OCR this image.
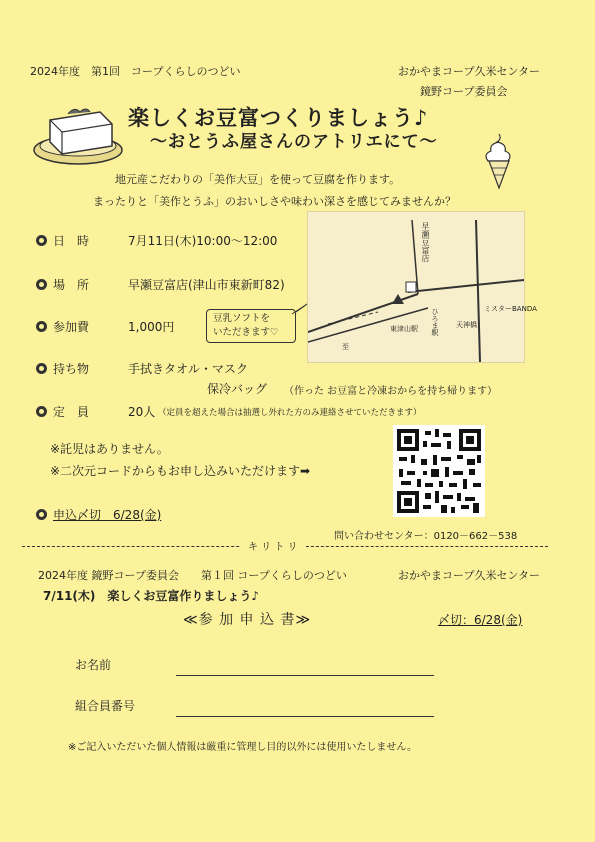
2024年度　第1回　コープくらしのつどい	おかやまコープ久米センター
鏡野コープ委員会
楽しくお豆富つくりましょう♪
～おとうふ屋さんのアトリエにて～
地元産こだわりの「美作大豆」を使って豆腐を作ります。
まったりと「美作とうふ」のおいしさや味わい深さを感じてみませんか？
日　時	7月11日(木)10:00～12:00
場　所	早瀬豆富店(津山市東新町82)
参加費	1,000円
持ち物	手拭きタオル・マスク
保冷バッグ （作った お豆富と冷凍おからを持ち帰ります）
定　員	20人 （定員を超えた場合は抽選し外れた方のみ連絡させていただきます）
豆乳ソフトを
いただきます♡
早瀬豆富店
ミスターBANDA
東津山駅 ひろま駅
至
天神橋
※託児はありません。
※二次元コードからもお申し込みいただけます➡
申込〆切　6/28(金)
問い合わせセンター：0120－662－538
キ リ ト リ
2024年度 鏡野コープ委員会　　第１回 コープくらしのつどい	おかやまコープ久米センター
7/11(木)　楽しくお豆富作りましょう♪
≪参 加 申 込 書≫	〆切：6/28(金)
お名前
組合員番号
※ご記入いただいた個人情報は厳重に管理し目的以外には使用いたしません。
